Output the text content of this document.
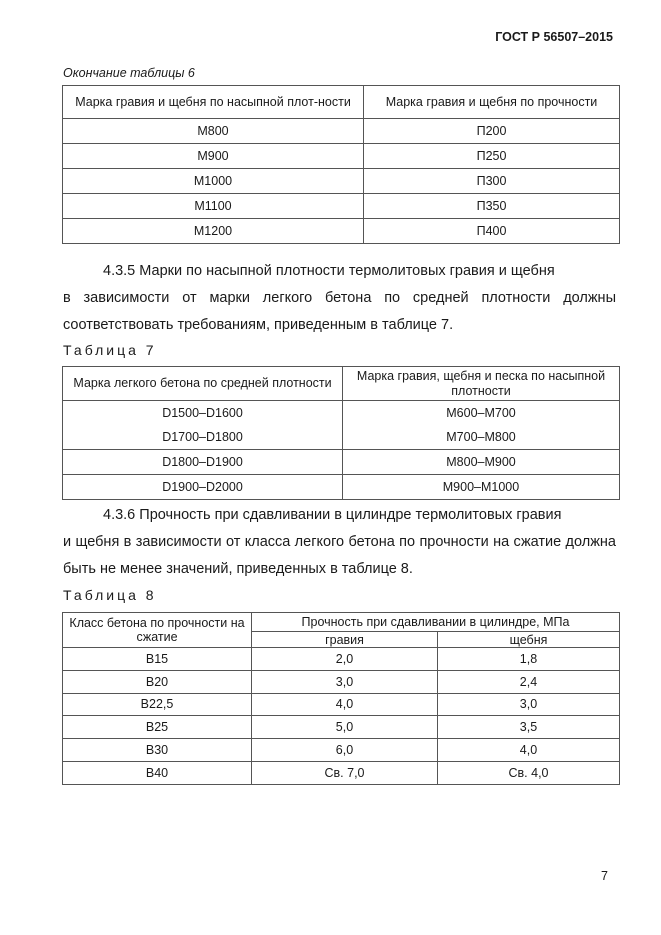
ГОСТ Р 56507–2015
Окончание таблицы 6
Марка гравия и щебня по насыпной плот-ности	Марка гравия и щебня по прочности
М800	П200
М900	П250
М1000	П300
М1100	П350
М1200	П400
4.3.5 Марки по насыпной плотности термолитовых гравия и щебня
в зависимости от марки легкого бетона по средней плотности должны соответствовать требованиям, приведенным в таблице 7.
Таблица 7
Марка легкого бетона по средней плотности	Марка гравия, щебня и песка по насыпной плотности
D1500–D1600	М600–М700
D1700–D1800	М700–М800
D1800–D1900	М800–М900
D1900–D2000	М900–М1000
4.3.6 Прочность при сдавливании в цилиндре термолитовых гравия
и щебня в зависимости от класса легкого бетона по прочности на сжатие должна быть не менее значений, приведенных в таблице 8.
Таблица 8
Класс бетона по прочности на сжатие	Прочность при сдавливании в цилиндре, МПа	
	гравия	щебня
В15	2,0	1,8
В20	3,0	2,4
В22,5	4,0	3,0
В25	5,0	3,5
В30	6,0	4,0
В40	Св. 7,0	Св. 4,0
7
